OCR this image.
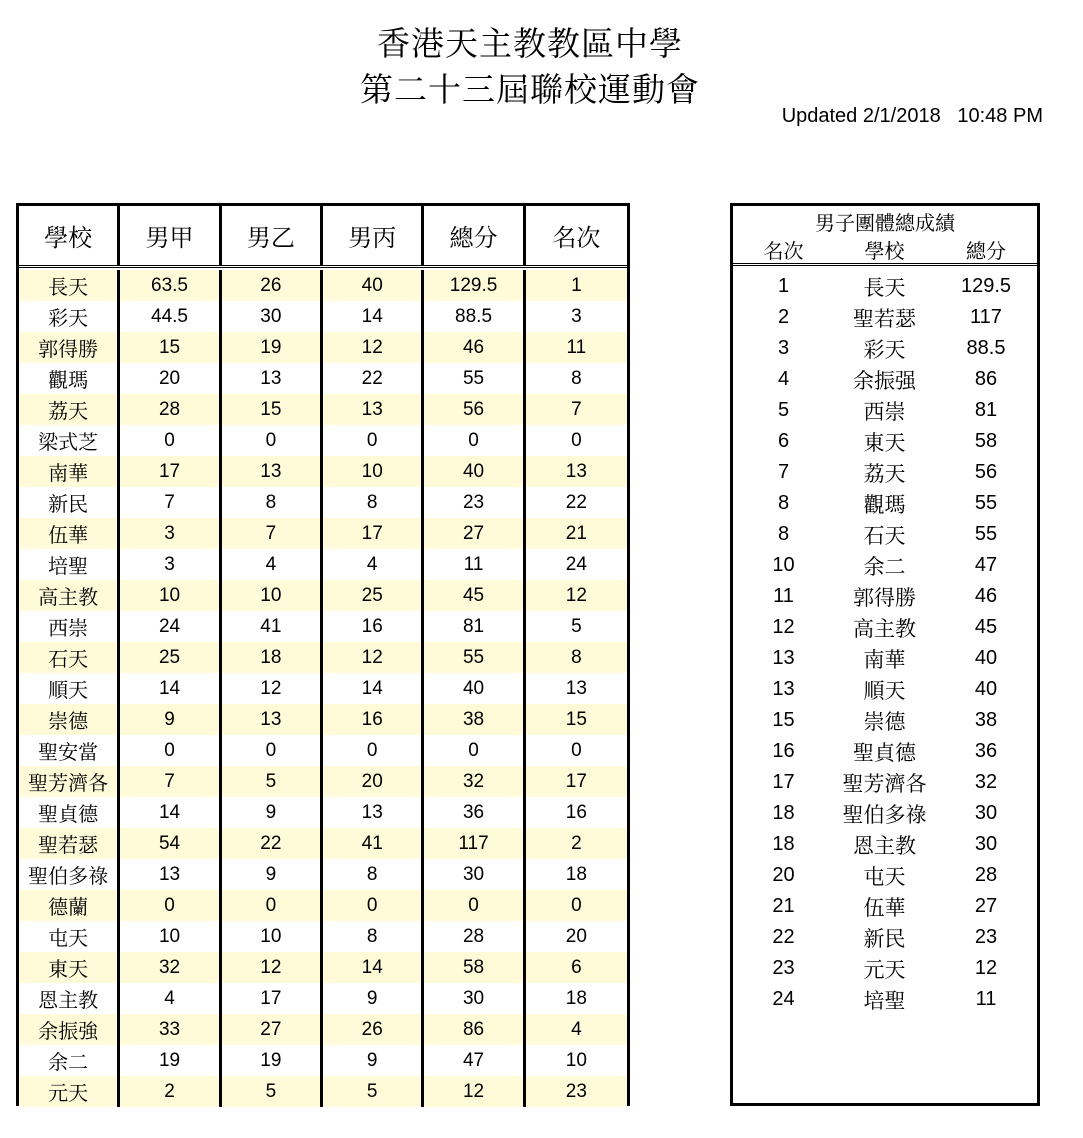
香港天主教教區中學
第二十三屆聯校運動會
Updated 2/1/2018   10:48 PM
學校	男甲	男乙	男丙	總分	名次
長天	63.5	26	40	129.5	1
彩天	44.5	30	14	88.5	3
郭得勝	15	19	12	46	11
觀瑪	20	13	22	55	8
荔天	28	15	13	56	7
梁式芝	0	0	0	0	0
南華	17	13	10	40	13
新民	7	8	8	23	22
伍華	3	7	17	27	21
培聖	3	4	4	11	24
高主教	10	10	25	45	12
西崇	24	41	16	81	5
石天	25	18	12	55	8
順天	14	12	14	40	13
崇德	9	13	16	38	15
聖安當	0	0	0	0	0
聖芳濟各	7	5	20	32	17
聖貞德	14	9	13	36	16
聖若瑟	54	22	41	117	2
聖伯多祿	13	9	8	30	18
德蘭	0	0	0	0	0
屯天	10	10	8	28	20
東天	32	12	14	58	6
恩主教	4	17	9	30	18
余振強	33	27	26	86	4
余二	19	19	9	47	10
元天	2	5	5	12	23
男子團體總成績
名次	學校	總分
1	長天	129.5
2	聖若瑟	117
3	彩天	88.5
4	余振强	86
5	西崇	81
6	東天	58
7	荔天	56
8	觀瑪	55
8	石天	55
10	余二	47
11	郭得勝	46
12	高主教	45
13	南華	40
13	順天	40
15	崇德	38
16	聖貞德	36
17	聖芳濟各	32
18	聖伯多祿	30
18	恩主教	30
20	屯天	28
21	伍華	27
22	新民	23
23	元天	12
24	培聖	11
